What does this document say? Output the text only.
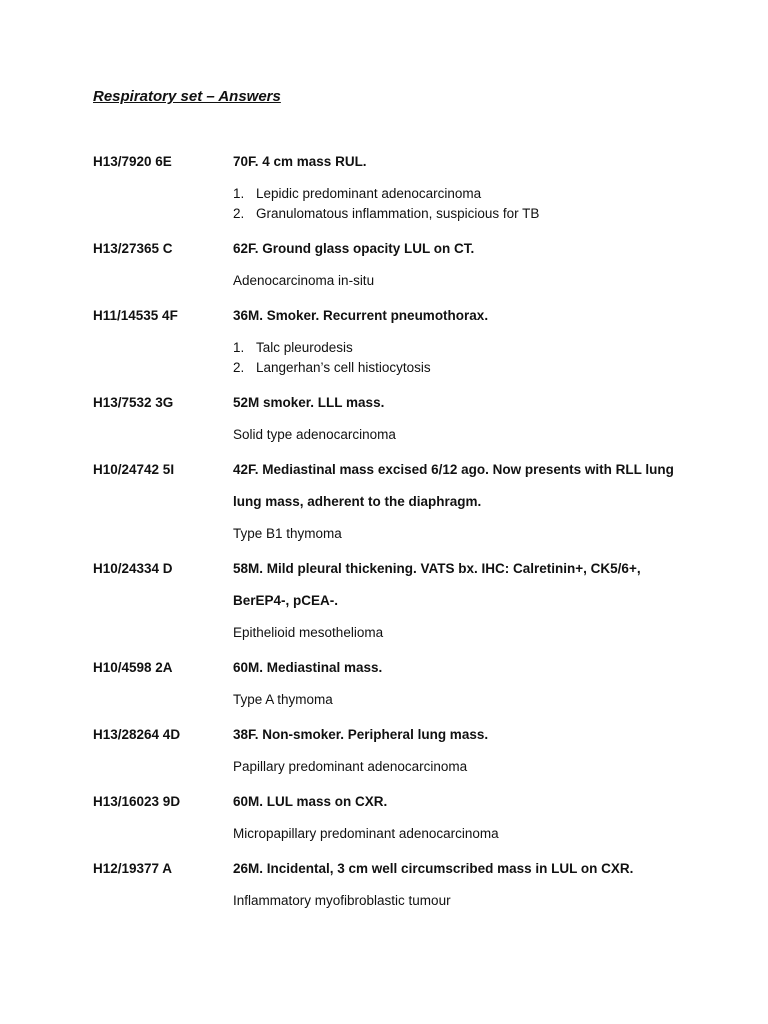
Respiratory set – Answers
H13/7920 6E	70F. 4 cm mass RUL.
1. Lepidic predominant adenocarcinoma
2. Granulomatous inflammation, suspicious for TB
H13/27365 C	62F. Ground glass opacity LUL on CT.
Adenocarcinoma in-situ
H11/14535 4F	36M. Smoker. Recurrent pneumothorax.
1. Talc pleurodesis
2. Langerhan’s cell histiocytosis
H13/7532 3G	52M smoker. LLL mass.
Solid type adenocarcinoma
H10/24742 5I	42F. Mediastinal mass excised 6/12 ago. Now presents with RLL lung
lung mass, adherent to the diaphragm.
Type B1 thymoma
H10/24334 D	58M. Mild pleural thickening. VATS bx. IHC: Calretinin+, CK5/6+,
BerEP4-, pCEA-.
Epithelioid mesothelioma
H10/4598 2A	60M. Mediastinal mass.
Type A thymoma
H13/28264 4D	38F. Non-smoker. Peripheral lung mass.
Papillary predominant adenocarcinoma
H13/16023 9D	60M. LUL mass on CXR.
Micropapillary predominant adenocarcinoma
H12/19377 A	26M. Incidental, 3 cm well circumscribed mass in LUL on CXR.
Inflammatory myofibroblastic tumour
